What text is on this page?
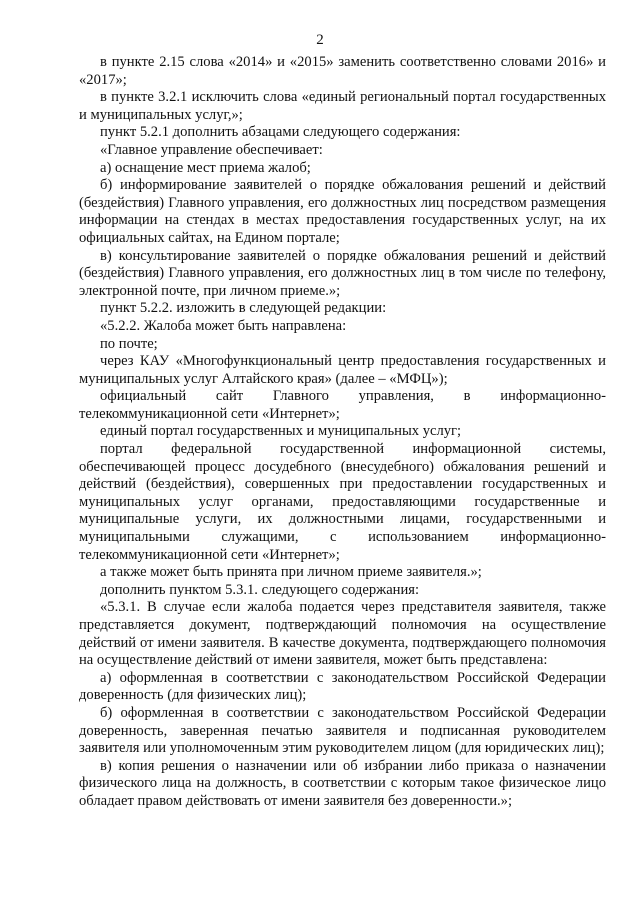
2

в пункте 2.15 слова «2014» и «2015» заменить соответственно словами 2016» и «2017»;

в пункте 3.2.1 исключить слова «единый региональный портал государственных и муниципальных услуг,»;

пункт 5.2.1 дополнить абзацами следующего содержания:

«Главное управление обеспечивает:

а) оснащение мест приема жалоб;

б) информирование заявителей о порядке обжалования решений и действий (бездействия) Главного управления, его должностных лиц посредством размещения информации на стендах в местах предоставления государственных услуг, на их официальных сайтах, на Едином портале;

в) консультирование заявителей о порядке обжалования решений и действий (бездействия) Главного управления, его должностных лиц в том числе по телефону, электронной почте, при личном приеме.»;

пункт 5.2.2. изложить в следующей редакции:

«5.2.2. Жалоба может быть направлена:

по почте;

через КАУ «Многофункциональный центр предоставления государственных и муниципальных услуг Алтайского края» (далее – «МФЦ»);

официальный сайт Главного управления, в информационно-телекоммуникационной сети «Интернет»;

единый портал государственных и муниципальных услуг;

портал федеральной государственной информационной системы, обеспечивающей процесс досудебного (внесудебного) обжалования решений и действий (бездействия), совершенных при предоставлении государственных и муниципальных услуг органами, предоставляющими государственные и муниципальные услуги, их должностными лицами, государственными и муниципальными служащими, с использованием информационно-телекоммуникационной сети «Интернет»;

а также может быть принята при личном приеме заявителя.»;

дополнить пунктом 5.3.1. следующего содержания:

«5.3.1. В случае если жалоба подается через представителя заявителя, также представляется документ, подтверждающий полномочия на осуществление действий от имени заявителя. В качестве документа, подтверждающего полномочия на осуществление действий от имени заявителя, может быть представлена:

а) оформленная в соответствии с законодательством Российской Федерации доверенность (для физических лиц);

б) оформленная в соответствии с законодательством Российской Федерации доверенность, заверенная печатью заявителя и подписанная руководителем заявителя или уполномоченным этим руководителем лицом (для юридических лиц);

в) копия решения о назначении или об избрании либо приказа о назначении физического лица на должность, в соответствии с которым такое физическое лицо обладает правом действовать от имени заявителя без доверенности.»;
